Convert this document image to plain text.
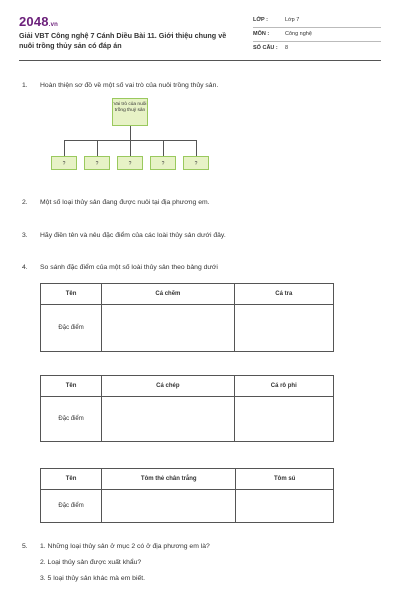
2048.vn
Giải VBT Công nghệ 7 Cánh Diều Bài 11. Giới thiệu chung về nuôi trồng thủy sản có đáp án
LỚP :	Lớp 7
MÔN :	Công nghệ
SỐ CÂU : 8
1. Hoàn thiện sơ đồ về một số vai trò của nuôi trồng thủy sản.
Vai trò của nuôi trồng thuỷ sản
?	?	?	?	?
2. Một số loại thủy sản đang được nuôi tại địa phương em.
3. Hãy điền tên và nêu đặc điểm của các loài thủy sản dưới đây.
4. So sánh đặc điểm của một số loài thủy sản theo bảng dưới
Tên	Cá chẽm	Cá tra
Đặc điểm		
Tên	Cá chép	Cá rô phi
Đặc điểm		
Tên	Tôm thẻ chân trắng	Tôm sú
Đặc điểm		
5. 1. Những loại thủy sản ở mục 2 có ở địa phương em là?
2. Loại thủy sản được xuất khẩu?
3. 5 loại thủy sản khác mà em biết.
